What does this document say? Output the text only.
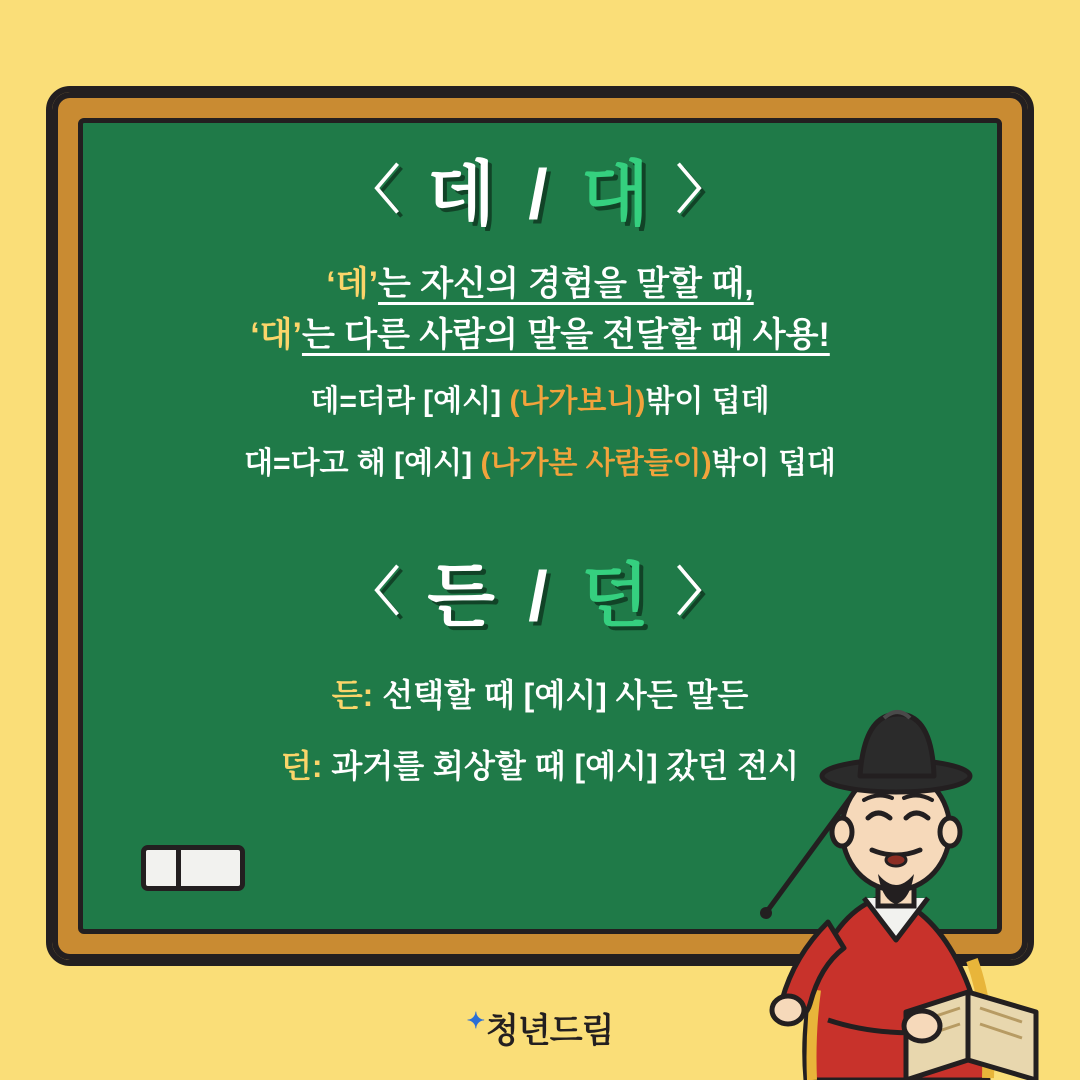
〈 데 / 대 〉
‘데’는 자신의 경험을 말할 때,
‘대’는 다른 사람의 말을 전달할 때 사용!
데=더라 [예시] (나가보니)밖이 덥데
대=다고 해 [예시] (나가본 사람들이)밖이 덥대
〈 든 / 던 〉
든: 선택할 때 [예시] 사든 말든
던: 과거를 회상할 때 [예시] 갔던 전시
✦청년드림
